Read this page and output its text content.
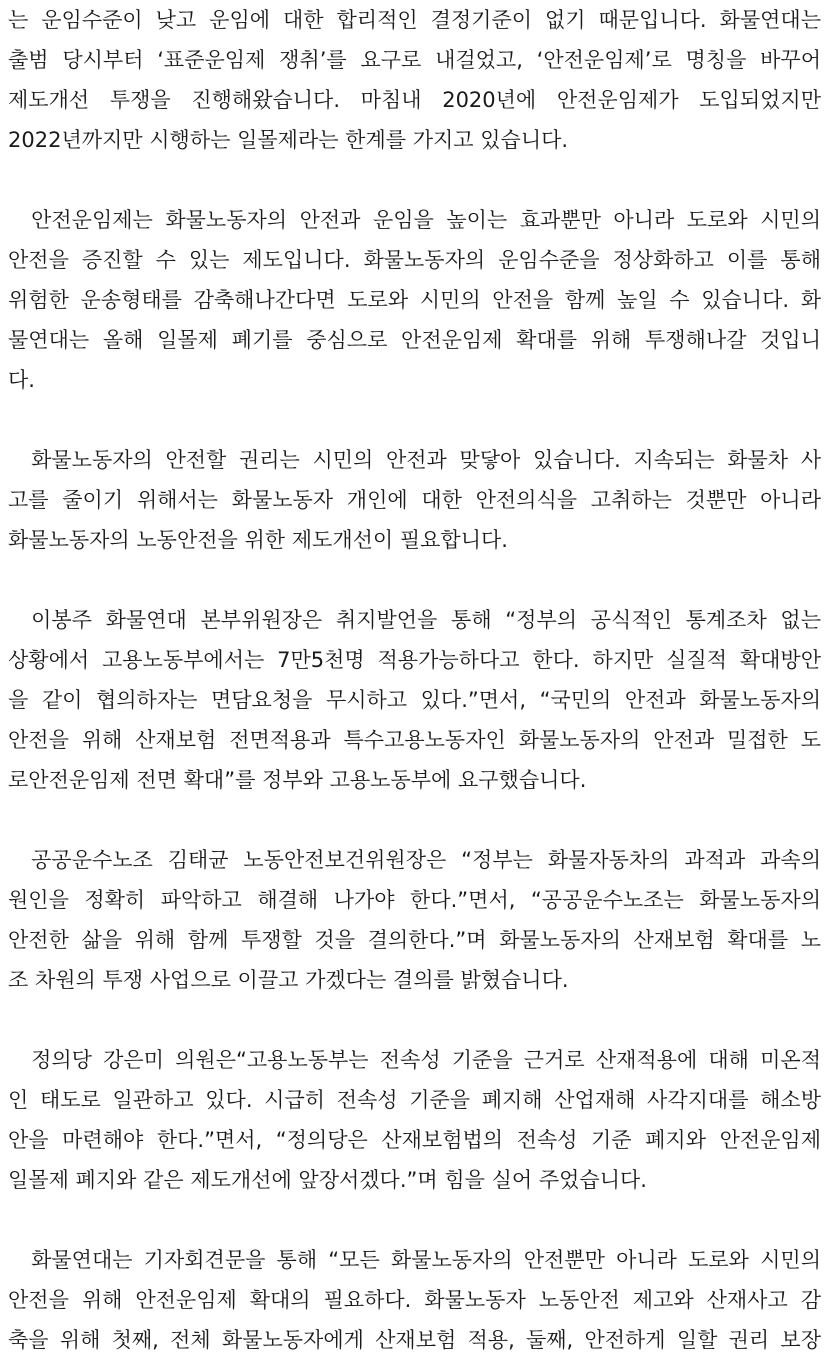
는 운임수준이 낮고 운임에 대한 합리적인 결정기준이 없기 때문입니다. 화물연대는
출범 당시부터 ‘표준운임제 쟁취’를 요구로 내걸었고, ‘안전운임제’로 명칭을 바꾸어
제도개선 투쟁을 진행해왔습니다. 마침내 2020년에 안전운임제가 도입되었지만
2022년까지만 시행하는 일몰제라는 한계를 가지고 있습니다.
안전운임제는 화물노동자의 안전과 운임을 높이는 효과뿐만 아니라 도로와 시민의
안전을 증진할 수 있는 제도입니다. 화물노동자의 운임수준을 정상화하고 이를 통해
위험한 운송형태를 감축해나간다면 도로와 시민의 안전을 함께 높일 수 있습니다. 화
물연대는 올해 일몰제 폐기를 중심으로 안전운임제 확대를 위해 투쟁해나갈 것입니
다.
화물노동자의 안전할 권리는 시민의 안전과 맞닿아 있습니다. 지속되는 화물차 사
고를 줄이기 위해서는 화물노동자 개인에 대한 안전의식을 고취하는 것뿐만 아니라
화물노동자의 노동안전을 위한 제도개선이 필요합니다.
이봉주 화물연대 본부위원장은 취지발언을 통해 “정부의 공식적인 통계조차 없는
상황에서 고용노동부에서는 7만5천명 적용가능하다고 한다. 하지만 실질적 확대방안
을 같이 협의하자는 면담요청을 무시하고 있다.”면서, “국민의 안전과 화물노동자의
안전을 위해 산재보험 전면적용과 특수고용노동자인 화물노동자의 안전과 밀접한 도
로안전운임제 전면 확대”를 정부와 고용노동부에 요구했습니다.
공공운수노조 김태균 노동안전보건위원장은 “정부는 화물자동차의 과적과 과속의
원인을 정확히 파악하고 해결해 나가야 한다.”면서, “공공운수노조는 화물노동자의
안전한 삶을 위해 함께 투쟁할 것을 결의한다.”며 화물노동자의 산재보험 확대를 노
조 차원의 투쟁 사업으로 이끌고 가겠다는 결의를 밝혔습니다.
정의당 강은미 의원은“고용노동부는 전속성 기준을 근거로 산재적용에 대해 미온적
인 태도로 일관하고 있다. 시급히 전속성 기준을 폐지해 산업재해 사각지대를 해소방
안을 마련해야 한다.”면서, “정의당은 산재보험법의 전속성 기준 폐지와 안전운임제
일몰제 폐지와 같은 제도개선에 앞장서겠다.”며 힘을 실어 주었습니다.
화물연대는 기자회견문을 통해 “모든 화물노동자의 안전뿐만 아니라 도로와 시민의
안전을 위해 안전운임제 확대의 필요하다. 화물노동자 노동안전 제고와 산재사고 감
축을 위해 첫째, 전체 화물노동자에게 산재보험 적용, 둘째, 안전하게 일할 권리 보장
